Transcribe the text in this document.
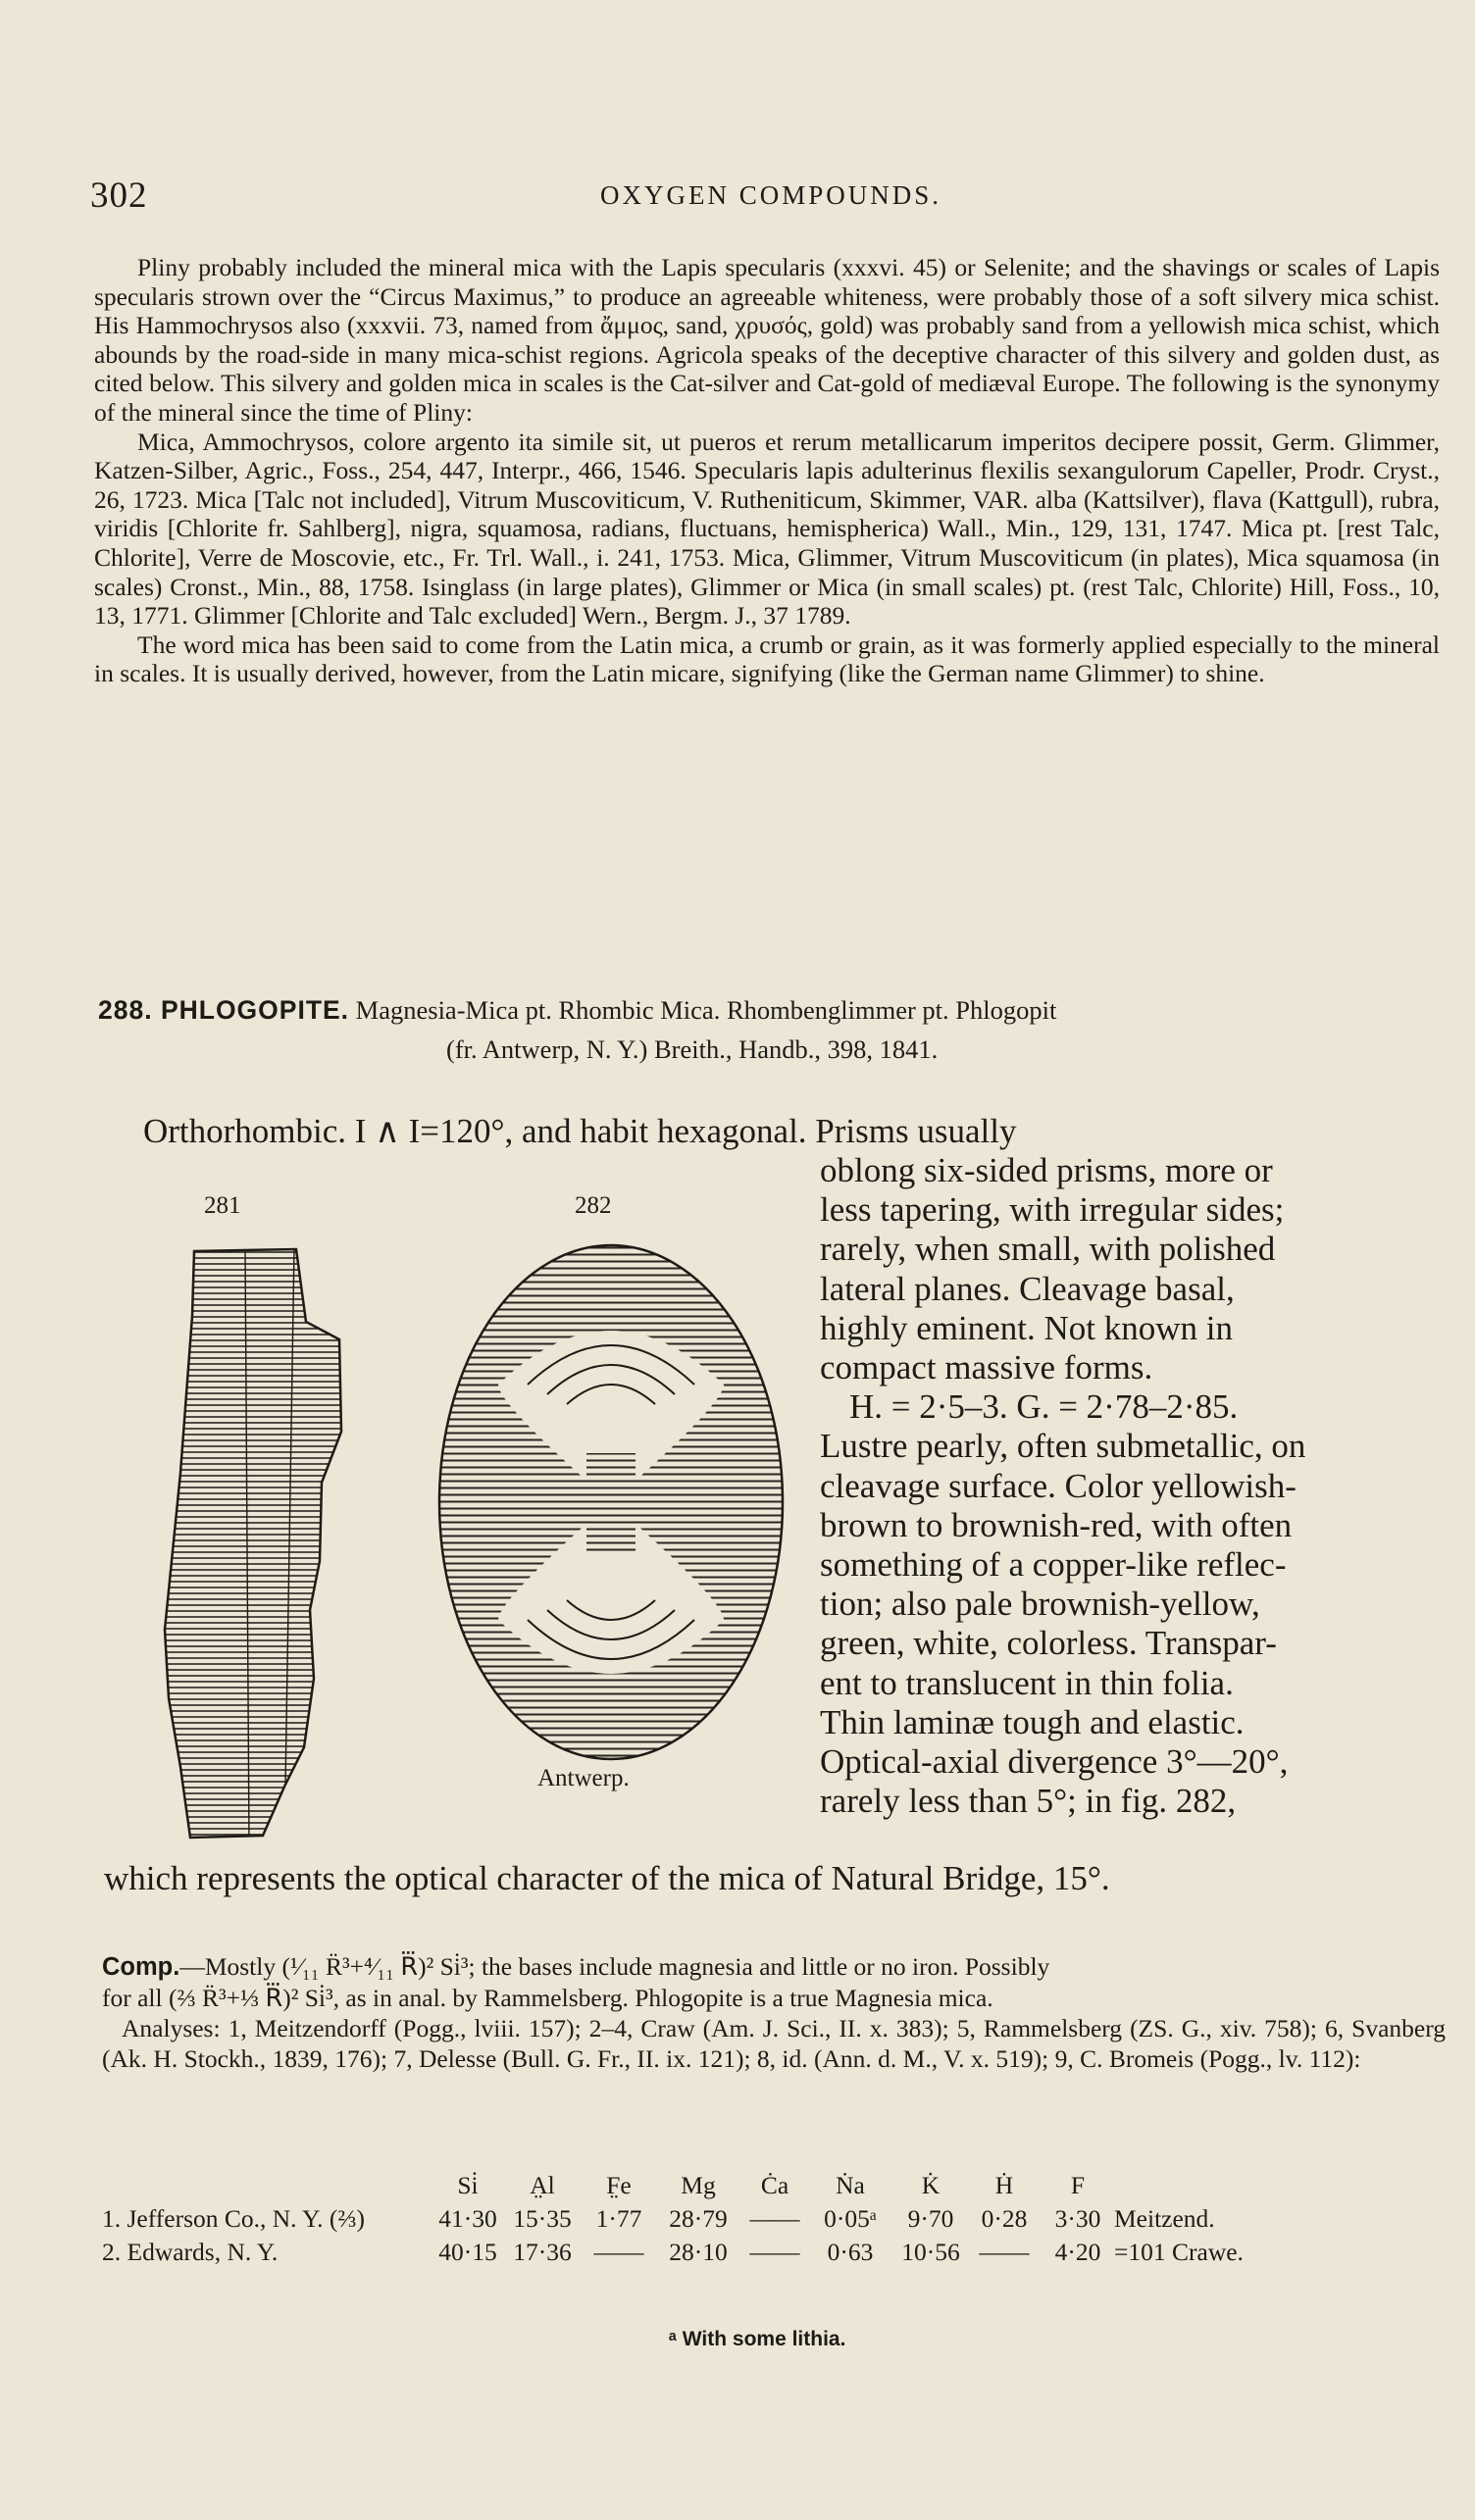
302	OXYGEN COMPOUNDS.

Pliny probably included the mineral mica with the Lapis specularis (xxxvi. 45) or Selenite; and the shavings or scales of Lapis specularis strown over the “Circus Maximus,” to produce an agreeable whiteness, were probably those of a soft silvery mica schist. His Hammochrysos also (xxxvii. 73, named from ἄμμος, sand, χρυσός, gold) was probably sand from a yellowish mica schist, which abounds by the road-side in many mica-schist regions. Agricola speaks of the deceptive character of this silvery and golden dust, as cited below. This silvery and golden mica in scales is the Cat-silver and Cat-gold of mediæval Europe. The following is the synonymy of the mineral since the time of Pliny:

Mica, Ammochrysos, colore argento ita simile sit, ut pueros et rerum metallicarum imperitos decipere possit, Germ. Glimmer, Katzen-Silber, Agric., Foss., 254, 447, Interpr., 466, 1546. Specularis lapis adulterinus flexilis sexangulorum Capeller, Prodr. Cryst., 26, 1723. Mica [Talc not included], Vitrum Muscoviticum, V. Rutheniticum, Skimmer, VAR. alba (Kattsilver), flava (Kattgull), rubra, viridis [Chlorite fr. Sahlberg], nigra, squamosa, radians, fluctuans, hemispherica) Wall., Min., 129, 131, 1747. Mica pt. [rest Talc, Chlorite], Verre de Moscovie, etc., Fr. Trl. Wall., i. 241, 1753. Mica, Glimmer, Vitrum Muscoviticum (in plates), Mica squamosa (in scales) Cronst., Min., 88, 1758. Isinglass (in large plates), Glimmer or Mica (in small scales) pt. (rest Talc, Chlorite) Hill, Foss., 10, 13, 1771. Glimmer [Chlorite and Talc excluded] Wern., Bergm. J., 37 1789.

The word mica has been said to come from the Latin mica, a crumb or grain, as it was formerly applied especially to the mineral in scales. It is usually derived, however, from the Latin micare, signifying (like the German name Glimmer) to shine.

288. PHLOGOPITE. Magnesia-Mica pt. Rhombic Mica. Rhombenglimmer pt. Phlogopit
(fr. Antwerp, N. Y.) Breith., Handb., 398, 1841.
Orthorhombic. I ∧ I=120°, and habit hexagonal. Prisms usually
oblong six-sided prisms, more or
less tapering, with irregular sides;
rarely, when small, with polished
lateral planes. Cleavage basal,
highly eminent. Not known in
compact massive forms.
H. = 2·5–3. G. = 2·78–2·85.
Lustre pearly, often submetallic, on
cleavage surface. Color yellowish-
brown to brownish-red, with often
something of a copper-like reflec-
tion; also pale brownish-yellow,
green, white, colorless. Transpar-
ent to translucent in thin folia.
Thin laminæ tough and elastic.
Optical-axial divergence 3°—20°,
rarely less than 5°; in fig. 282,
which represents the optical character of the mica of Natural Bridge, 15°.
281	282
Antwerp.

Comp.—Mostly (¹⁄₁₁ R̈³+⁴⁄₁₁ R⃛)² Si̇³; the bases include magnesia and little or no iron. Possibly

for all (⅔ R̈³+⅓ R⃛)² Si̇³, as in anal. by Rammelsberg. Phlogopite is a true Magnesia mica.

Analyses: 1, Meitzendorff (Pogg., lviii. 157); 2–4, Craw (Am. J. Sci., II. x. 383); 5, Rammelsberg (ZS. G., xiv. 758); 6, Svanberg (Ak. H. Stockh., 1839, 176); 7, Delesse (Bull. G. Fr., II. ix. 121); 8, id. (Ann. d. M., V. x. 519); 9, C. Bromeis (Pogg., lv. 112):

	Si̇	A̤l	F̤e	Mg	Ċa	Ṅa	K̇	Ḣ	F	
1. Jefferson Co., N. Y. (⅔)	41·30	15·35	1·77	28·79	——	0·05ᵃ	9·70	0·28	3·30	Meitzend.
2. Edwards, N. Y.	40·15	17·36	——	28·10	——	0·63	10·56	——	4·20	=101 Crawe.
ᵃ With some lithia.
